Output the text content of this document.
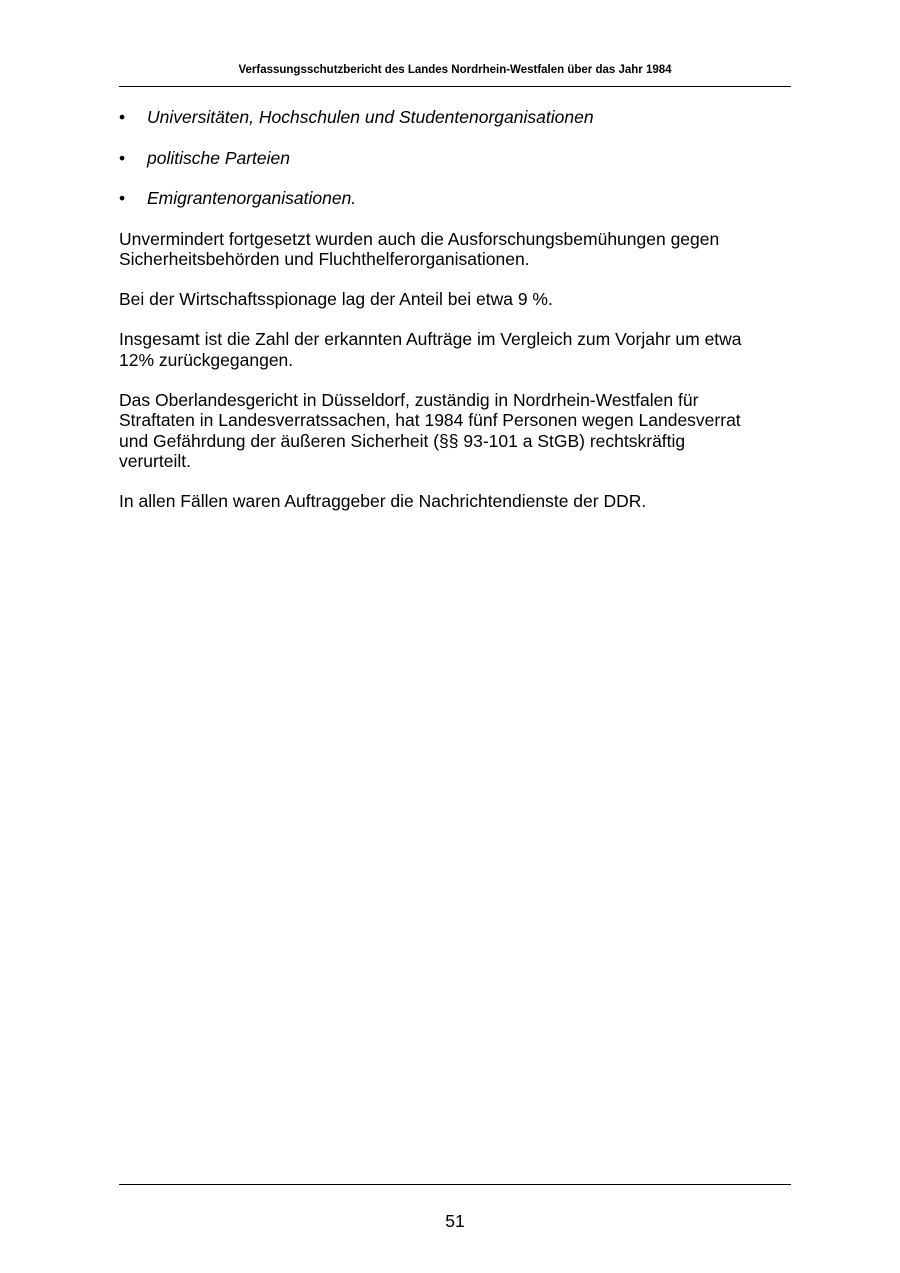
Verfassungsschutzbericht des Landes Nordrhein-Westfalen über das Jahr 1984
• Universitäten, Hochschulen und Studentenorganisationen
• politische Parteien
• Emigrantenorganisationen.

Unvermindert fortgesetzt wurden auch die Ausforschungsbemühungen gegen
Sicherheitsbehörden und Fluchthelferorganisationen.

Bei der Wirtschaftsspionage lag der Anteil bei etwa 9 %.

Insgesamt ist die Zahl der erkannten Aufträge im Vergleich zum Vorjahr um etwa
12% zurückgegangen.

Das Oberlandesgericht in Düsseldorf, zuständig in Nordrhein-Westfalen für
Straftaten in Landesverratssachen, hat 1984 fünf Personen wegen Landesverrat
und Gefährdung der äußeren Sicherheit (§§ 93-101 a StGB) rechtskräftig
verurteilt.

In allen Fällen waren Auftraggeber die Nachrichtendienste der DDR.

51
